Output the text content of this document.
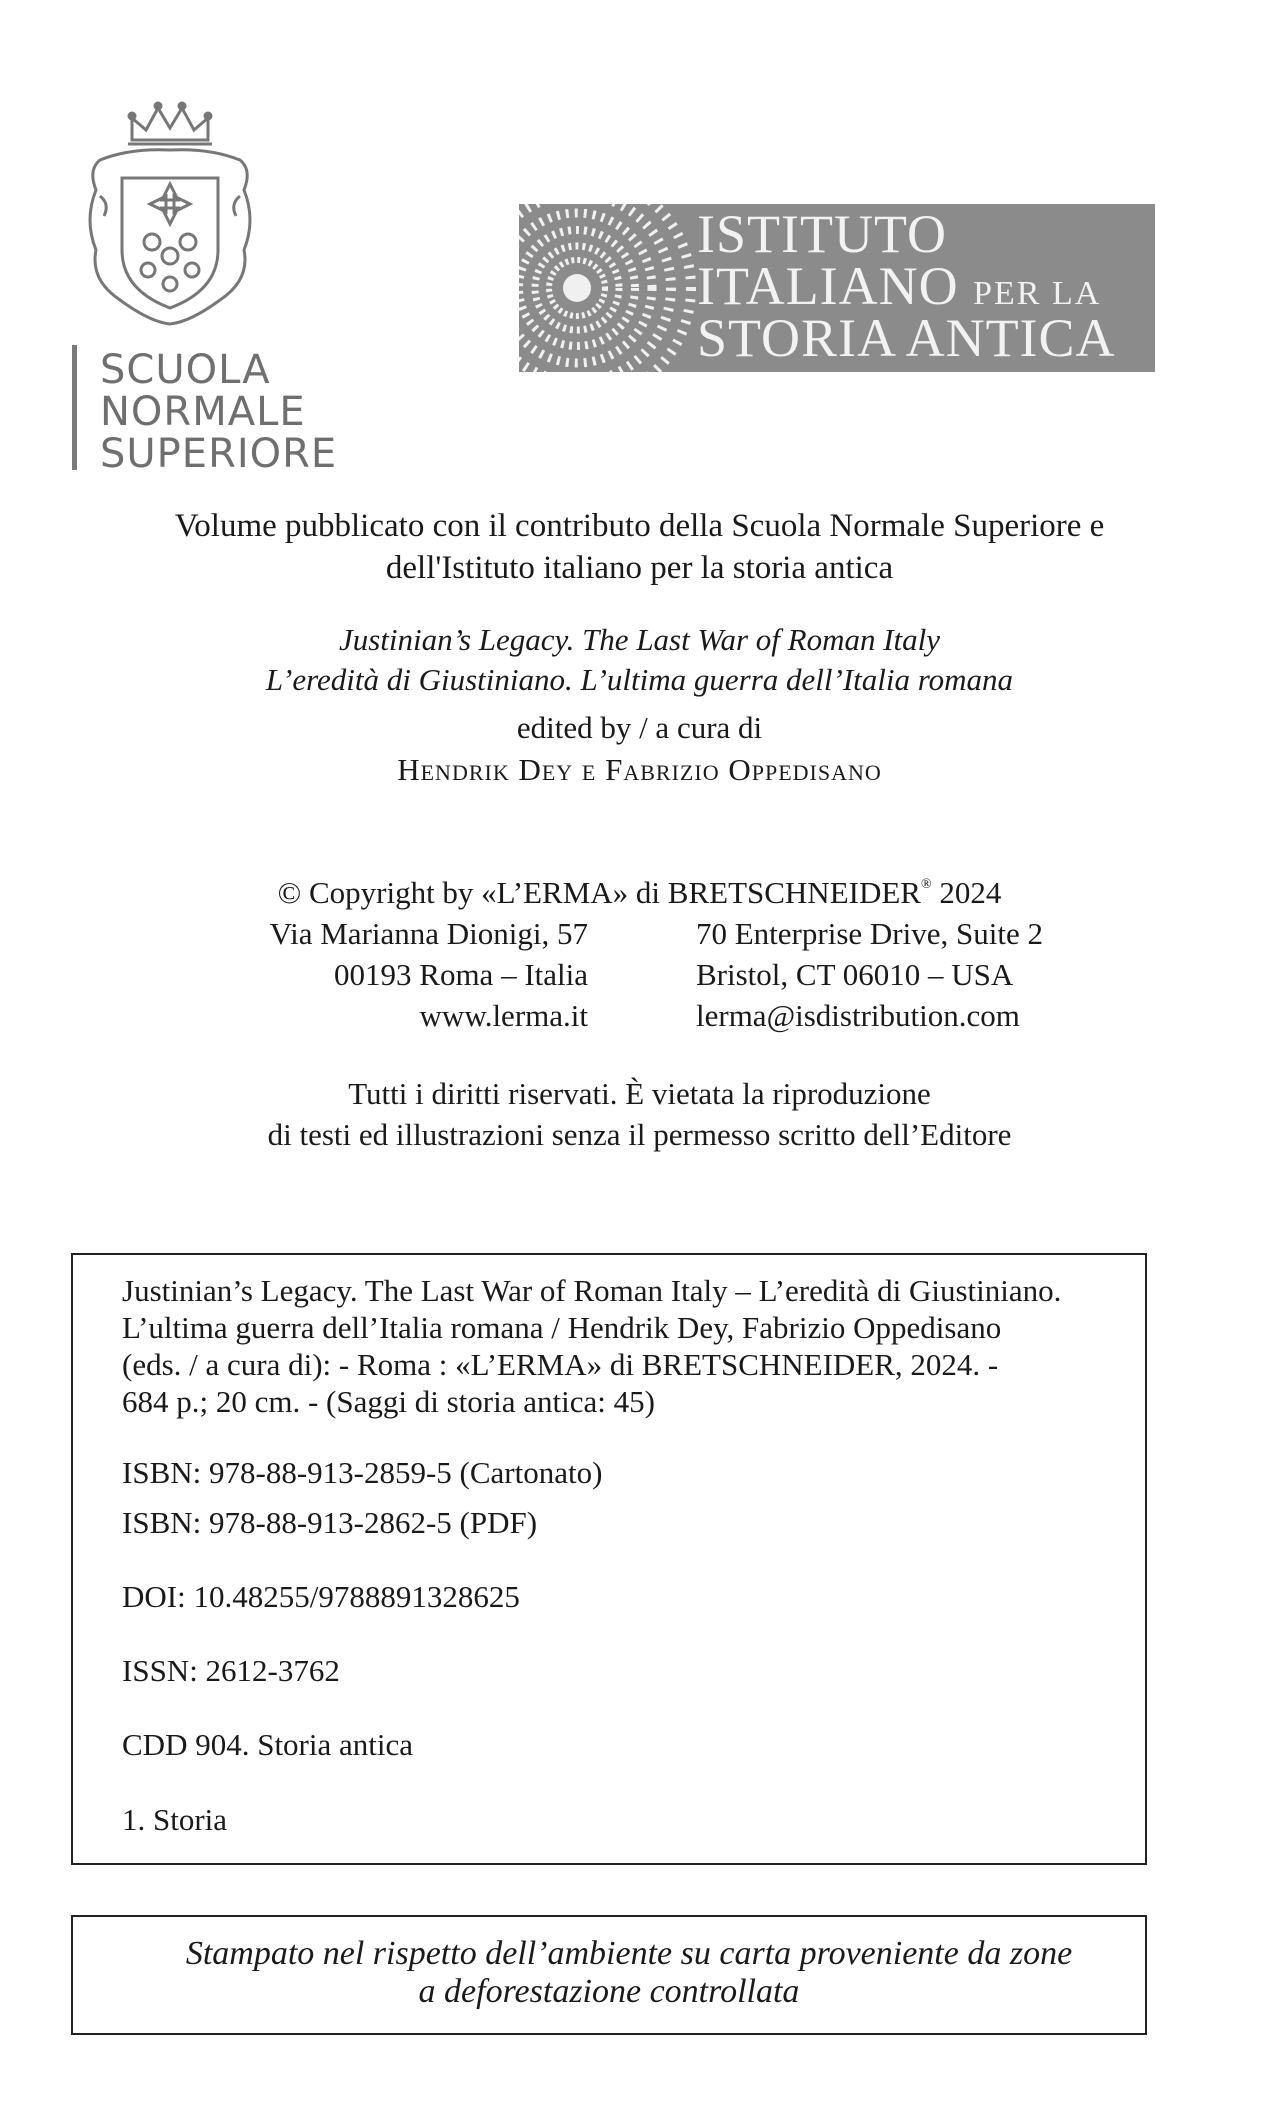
SCUOLA
NORMALE
SUPERIORE
ISTITUTO
ITALIANO PER LA
STORIA ANTICA
Volume pubblicato con il contributo della Scuola Normale Superiore e
dell'Istituto italiano per la storia antica
Justinian’s Legacy. The Last War of Roman Italy
L’eredità di Giustiniano. L’ultima guerra dell’Italia romana
edited by / a cura di
Hendrik Dey e Fabrizio Oppedisano
© Copyright by «L’ERMA» di BRETSCHNEIDER® 2024
Via Marianna Dionigi, 57	70 Enterprise Drive, Suite 2
00193 Roma – Italia	Bristol, CT 06010 – USA
www.lerma.it	lerma@isdistribution.com
Tutti i diritti riservati. È vietata la riproduzione
di testi ed illustrazioni senza il permesso scritto dell’Editore
Justinian’s Legacy. The Last War of Roman Italy – L’eredità di Giustiniano.
L’ultima guerra dell’Italia romana / Hendrik Dey, Fabrizio Oppedisano
(eds. / a cura di): - Roma : «L’ERMA» di BRETSCHNEIDER, 2024. -
684 p.; 20 cm. - (Saggi di storia antica: 45)
ISBN: 978-88-913-2859-5 (Cartonato)
ISBN: 978-88-913-2862-5 (PDF)
DOI: 10.48255/9788891328625
ISSN: 2612-3762
CDD 904. Storia antica
1. Storia
Stampato nel rispetto dell’ambiente su carta proveniente da zone
a deforestazione controllata
